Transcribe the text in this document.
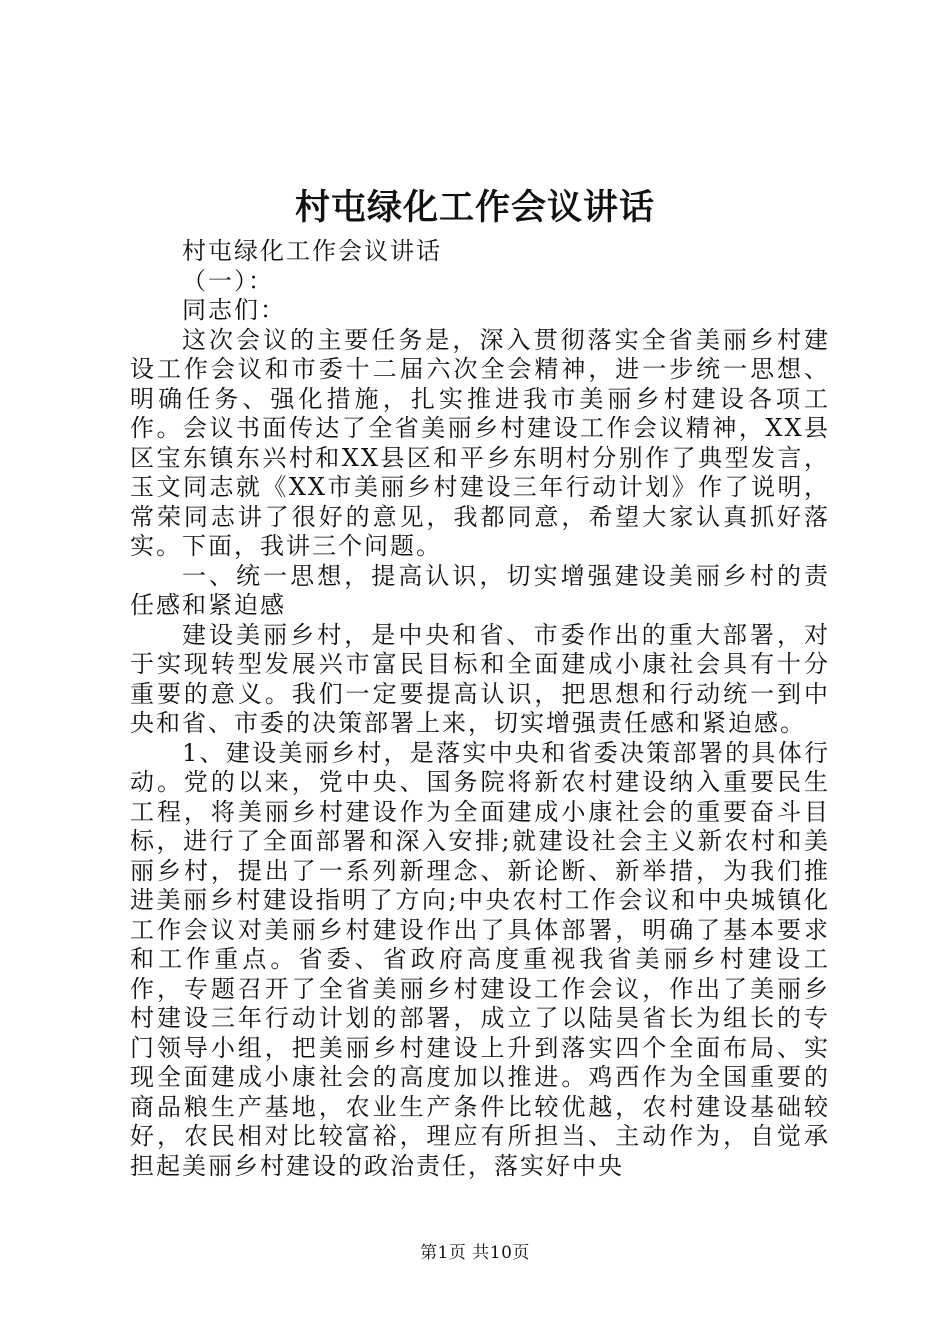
村屯绿化工作会议讲话

村屯绿化工作会议讲话

（一）：

同志们：

这次会议的主要任务是，深入贯彻落实全省美丽乡村建设工作会议和市委十二届六次全会精神，进一步统一思想、明确任务、强化措施，扎实推进我市美丽乡村建设各项工作。会议书面传达了全省美丽乡村建设工作会议精神，XX县区宝东镇东兴村和XX县区和平乡东明村分别作了典型发言，玉文同志就《XX市美丽乡村建设三年行动计划》作了说明，常荣同志讲了很好的意见，我都同意，希望大家认真抓好落实。下面，我讲三个问题。

一、统一思想，提高认识，切实增强建设美丽乡村的责任感和紧迫感

建设美丽乡村，是中央和省、市委作出的重大部署，对于实现转型发展兴市富民目标和全面建成小康社会具有十分重要的意义。我们一定要提高认识，把思想和行动统一到中央和省、市委的决策部署上来，切实增强责任感和紧迫感。

1、建设美丽乡村，是落实中央和省委决策部署的具体行动。党的以来，党中央、国务院将新农村建设纳入重要民生工程，将美丽乡村建设作为全面建成小康社会的重要奋斗目标，进行了全面部署和深入安排;就建设社会主义新农村和美丽乡村，提出了一系列新理念、新论断、新举措，为我们推进美丽乡村建设指明了方向;中央农村工作会议和中央城镇化工作会议对美丽乡村建设作出了具体部署，明确了基本要求和工作重点。省委、省政府高度重视我省美丽乡村建设工作，专题召开了全省美丽乡村建设工作会议，作出了美丽乡村建设三年行动计划的部署，成立了以陆昊省长为组长的专门领导小组，把美丽乡村建设上升到落实四个全面布局、实现全面建成小康社会的高度加以推进。鸡西作为全国重要的商品粮生产基地，农业生产条件比较优越，农村建设基础较好，农民相对比较富裕，理应有所担当、主动作为，自觉承担起美丽乡村建设的政治责任，落实好中央

第1页 共10页
